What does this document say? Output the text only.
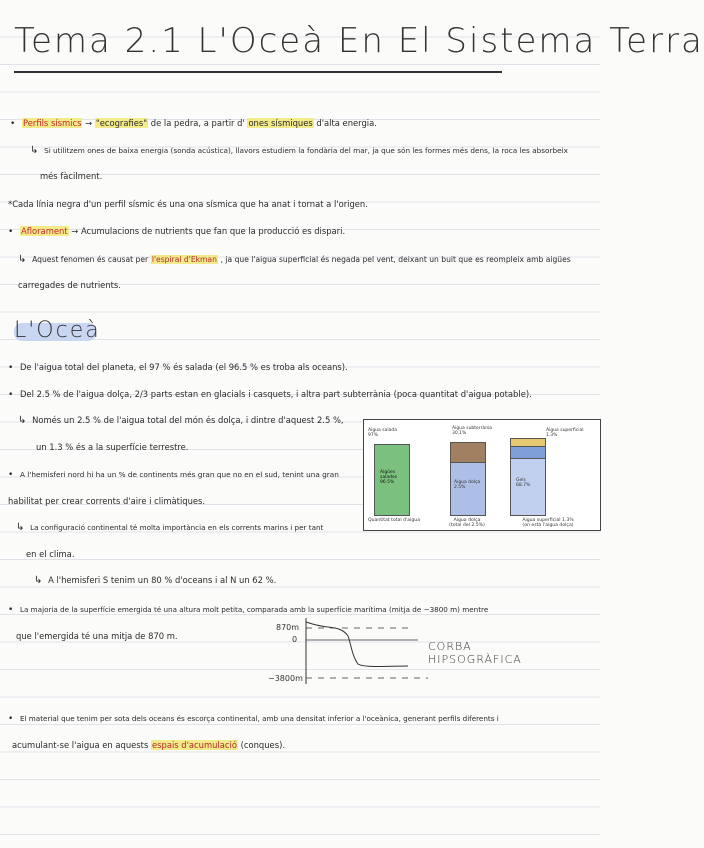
Tema 2.1 L'Oceà En El Sistema Terra
• Perfils sísmics → "ecografies" de la pedra, a partir d' ones sísmiques d'alta energia.
↳ Si utilitzem ones de baixa energia (sonda acústica), llavors estudiem la fondària del mar, ja que són les formes més dens, la roca les absorbeix
més fàcilment.
*Cada línia negra d'un perfil sísmic és una ona sísmica que ha anat i tornat a l'origen.
• Aflorament → Acumulacions de nutrients que fan que la producció es dispari.
↳ Aquest fenomen és causat per l'espiral d'Ekman , ja que l'aigua superficial és negada pel vent, deixant un buit que es reompleix amb aigües
carregades de nutrients.
L'Oceà
• De l'aigua total del planeta, el 97 % és salada (el 96.5 % es troba als oceans).
• Del 2.5 % de l'aigua dolça, 2/3 parts estan en glacials i casquets, i altra part subterrània (poca quantitat d'aigua potable).
↳ Només un 2.5 % de l'aigua total del món és dolça, i dintre d'aquest 2.5 %,
un 1.3 % és a la superfície terrestre.
• A l'hemisferi nord hi ha un % de continents més gran que no en el sud, tenint una gran
habilitat per crear corrents d'aire i climàtiques.
↳ La configuració continental té molta importància en els corrents marins i per tant
en el clima.
↳ A l'hemisferi S tenim un 80 % d'oceans i al N un 62 %.
• La majoria de la superfície emergida té una altura molt petita, comparada amb la superfície marítima (mitja de −3800 m) mentre
que l'emergida té una mitja de 870 m.
• El material que tenim per sota dels oceans és escorça continental, amb una densitat inferior a l'oceànica, generant perfils diferents i
acumulant-se l'aigua en aquests espais d'acumulació (conques).
Aigua salada
97%
Aigües
salades
96.5%
Quantitat total d'aigua
Aigua subterrània
30.1%
Aigua dolça
2.5%
Aigua dolça
(total del 2.5%)
Aigua superficial
1.3%
Gels
68.7%
Aigua superficial 1.3%
(on està l'aigua dolça)
870m
0
−3800m
CORBA
HIPSOGRÀFICA
